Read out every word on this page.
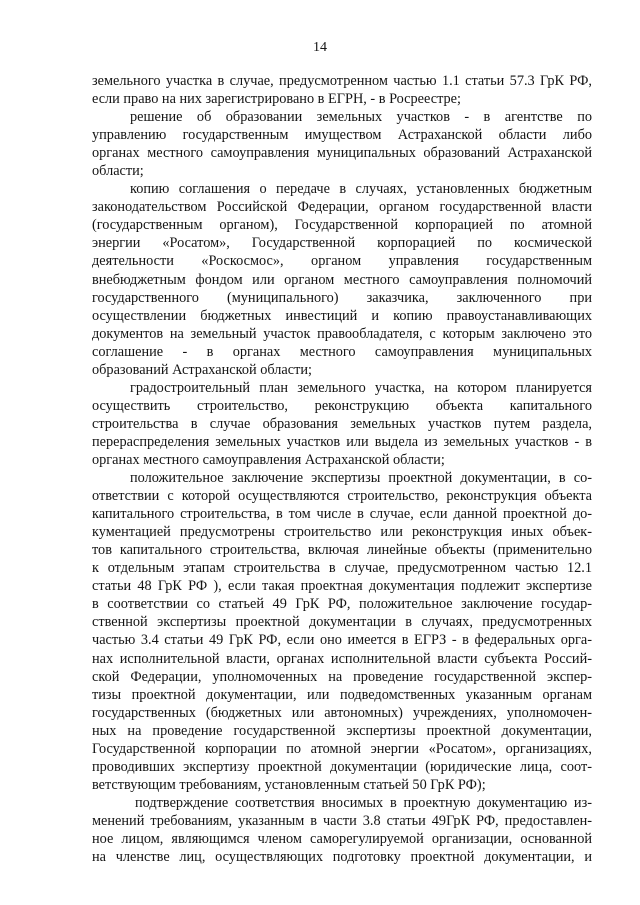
14
земельного участка в случае, предусмотренном частью 1.1 статьи 57.3 ГрК РФ,
если право на них зарегистрировано в ЕГРН, - в Росреестре;
решение об образовании земельных участков - в агентстве по
управлению государственным имуществом Астраханской области либо
органах местного самоуправления муниципальных образований Астраханской
области;
копию соглашения о передаче в случаях, установленных бюджетным
законодательством Российской Федерации, органом государственной власти
(государственным органом), Государственной корпорацией по атомной
энергии «Росатом», Государственной корпорацией по космической
деятельности «Роскосмос», органом управления государственным
внебюджетным фондом или органом местного самоуправления полномочий
государственного (муниципального) заказчика, заключенного при
осуществлении бюджетных инвестиций и копию правоустанавливающих
документов на земельный участок правообладателя, с которым заключено это
соглашение - в органах местного самоуправления муниципальных
образований Астраханской области;
градостроительный план земельного участка, на котором планируется
осуществить строительство, реконструкцию объекта капитального
строительства в случае образования земельных участков путем раздела,
перераспределения земельных участков или выдела из земельных участков - в
органах местного самоуправления Астраханской области;
положительное заключение экспертизы проектной документации, в со-
ответствии с которой осуществляются строительство, реконструкция объекта
капитального строительства, в том числе в случае, если данной проектной до-
кументацией предусмотрены строительство или реконструкция иных объек-
тов капитального строительства, включая линейные объекты (применительно
к отдельным этапам строительства в случае, предусмотренном частью 12.1
статьи 48 ГрК РФ ), если такая проектная документация подлежит экспертизе
в соответствии со статьей 49 ГрК РФ, положительное заключение государ-
ственной экспертизы проектной документации в случаях, предусмотренных
частью 3.4 статьи 49 ГрК РФ, если оно имеется в ЕГРЗ - в федеральных орга-
нах исполнительной власти, органах исполнительной власти субъекта Россий-
ской Федерации, уполномоченных на проведение государственной экспер-
тизы проектной документации, или подведомственных указанным органам
государственных (бюджетных или автономных) учреждениях, уполномочен-
ных на проведение государственной экспертизы проектной документации,
Государственной корпорации по атомной энергии «Росатом», организациях,
проводивших экспертизу проектной документации (юридические лица, соот-
ветствующим требованиям, установленным статьей 50 ГрК РФ);
подтверждение соответствия вносимых в проектную документацию из-
менений требованиям, указанным в части 3.8 статьи 49ГрК РФ, предоставлен-
ное лицом, являющимся членом саморегулируемой организации, основанной
на членстве лиц, осуществляющих подготовку проектной документации, и
